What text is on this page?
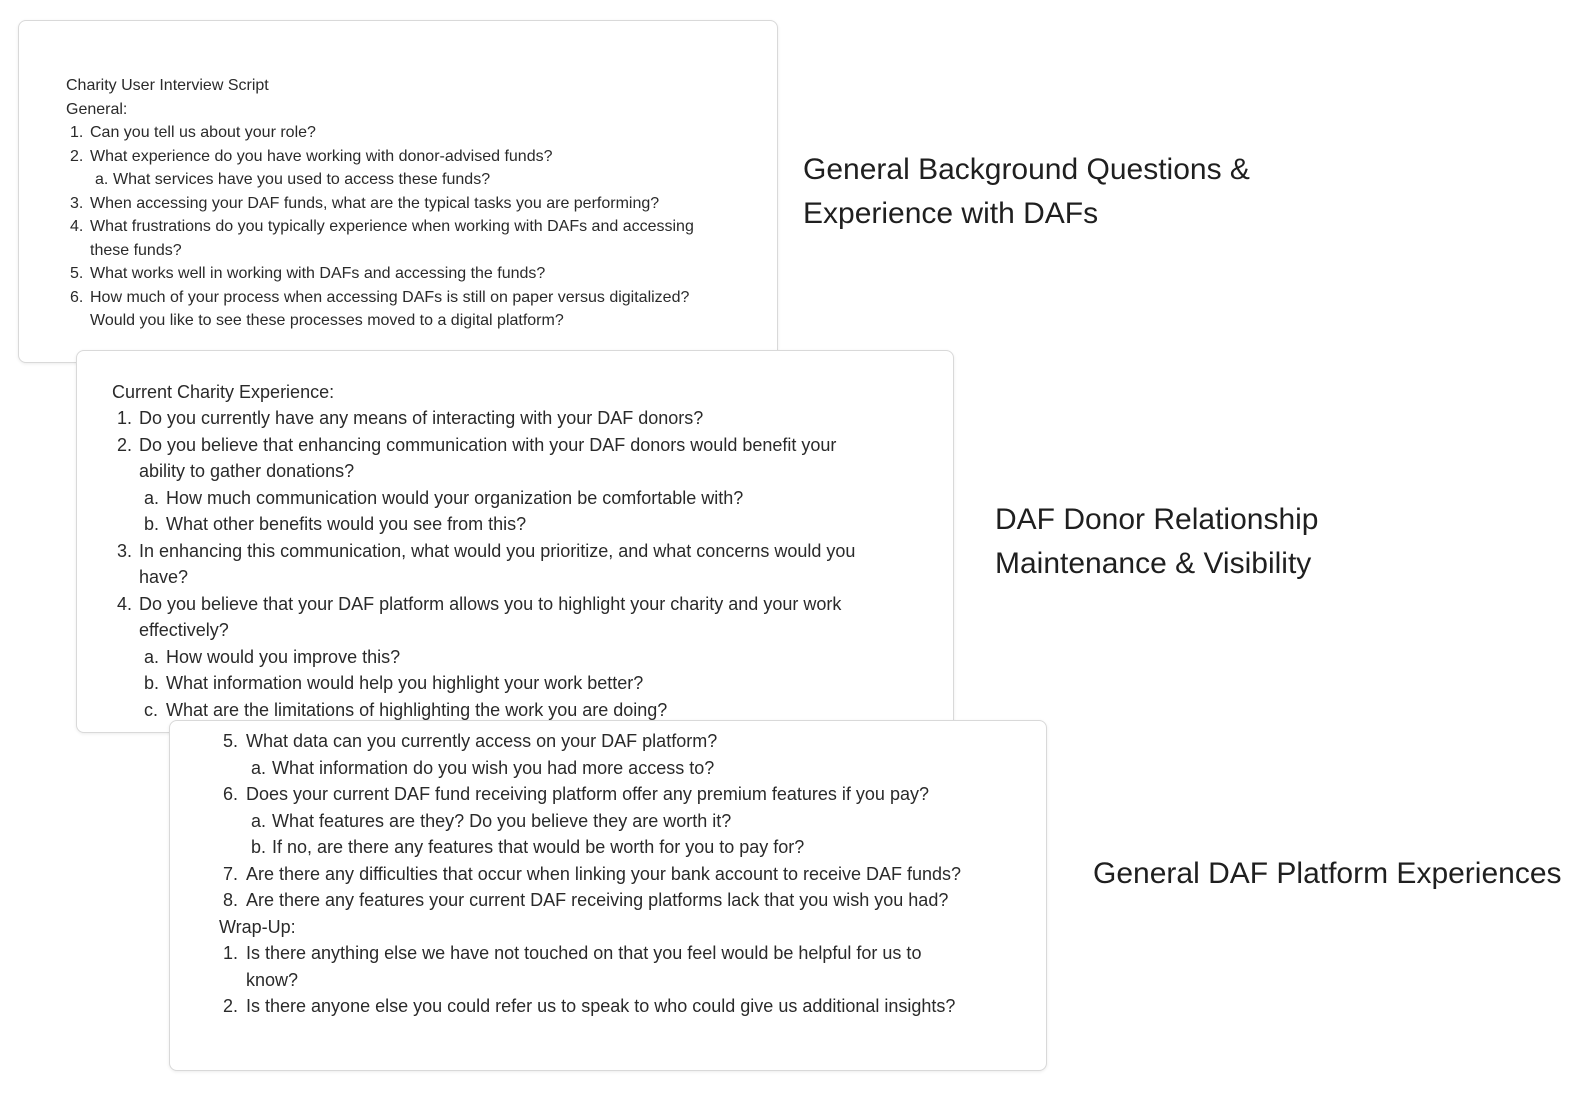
Charity User Interview Script
General:
1. Can you tell us about your role?
2. What experience do you have working with donor-advised funds?
a. What services have you used to access these funds?
3. When accessing your DAF funds, what are the typical tasks you are performing?
4. What frustrations do you typically experience when working with DAFs and accessing
these funds?
5. What works well in working with DAFs and accessing the funds?
6. How much of your process when accessing DAFs is still on paper versus digitalized?
Would you like to see these processes moved to a digital platform?
Current Charity Experience:
1. Do you currently have any means of interacting with your DAF donors?
2. Do you believe that enhancing communication with your DAF donors would benefit your
ability to gather donations?
a. How much communication would your organization be comfortable with?
b. What other benefits would you see from this?
3. In enhancing this communication, what would you prioritize, and what concerns would you
have?
4. Do you believe that your DAF platform allows you to highlight your charity and your work
effectively?
a. How would you improve this?
b. What information would help you highlight your work better?
c. What are the limitations of highlighting the work you are doing?
5. What data can you currently access on your DAF platform?
a. What information do you wish you had more access to?
6. Does your current DAF fund receiving platform offer any premium features if you pay?
a. What features are they? Do you believe they are worth it?
b. If no, are there any features that would be worth for you to pay for?
7. Are there any difficulties that occur when linking your bank account to receive DAF funds?
8. Are there any features your current DAF receiving platforms lack that you wish you had?
Wrap-Up:
1. Is there anything else we have not touched on that you feel would be helpful for us to
know?
2. Is there anyone else you could refer us to speak to who could give us additional insights?
General Background Questions &
Experience with DAFs
DAF Donor Relationship
Maintenance & Visibility
General DAF Platform Experiences
